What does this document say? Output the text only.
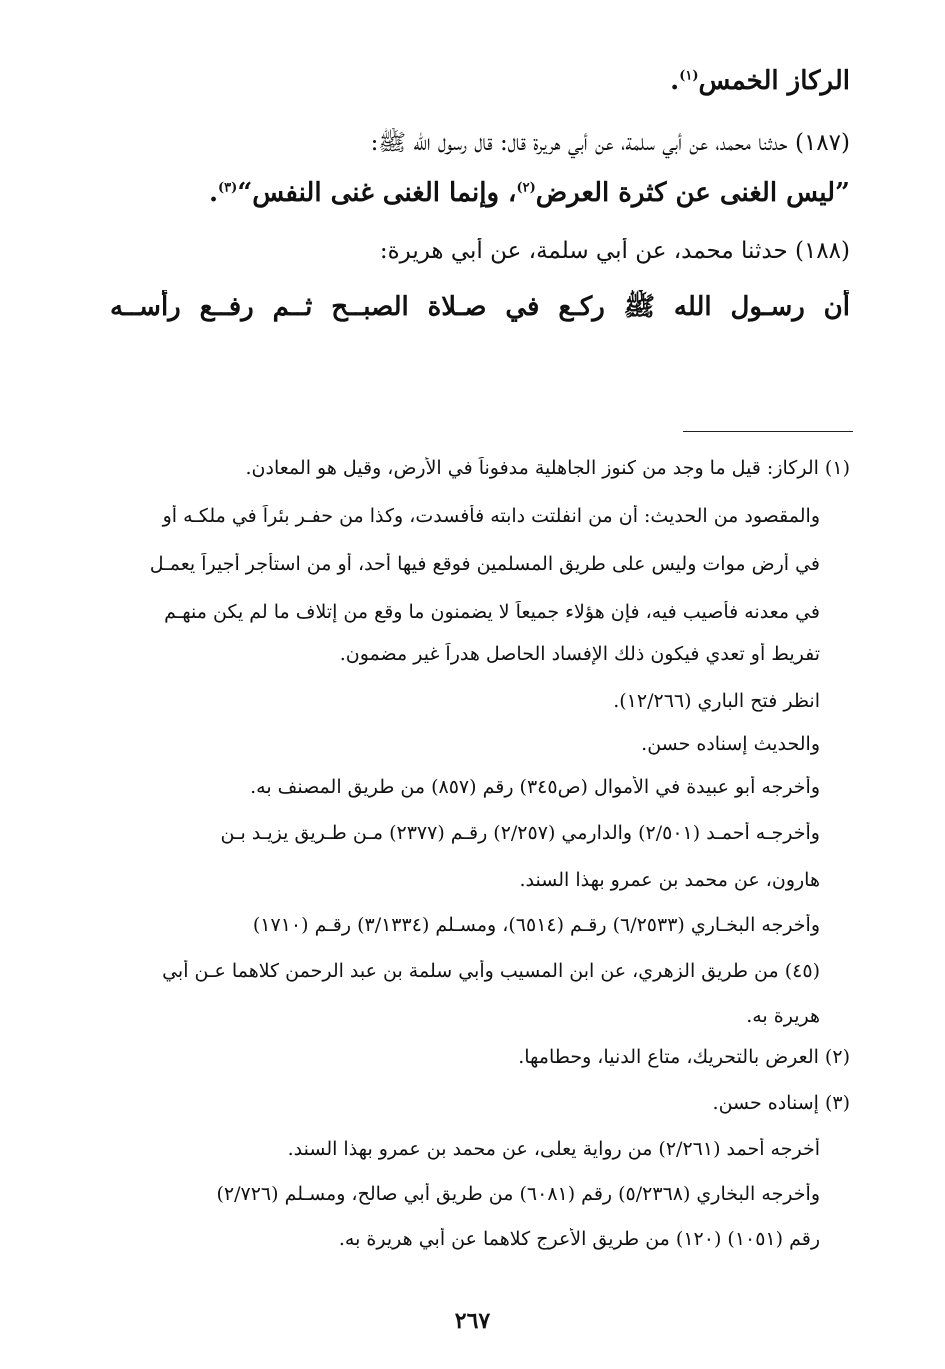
الركاز الخمس$^{(١)}$.
(١٨٧) حدثنا محمد، عن أبي سلمة، عن أبي هريرة قال: قال رسول الله ﷺ:
”ليس الغنى عن كثرة العرض$^{(٢)}$، وإنما الغنى غنى النفس“$^{(٣)}$.
(١٨٨) حدثنا محمد، عن أبي سلمة، عن أبي هريرة:
أن رسـول الله ﷺ ركـع في صـلاة الصبــح ثــم رفــع رأســه
(١) الركاز: قيل ما وجد من كنوز الجاهلية مدفوناً في الأرض، وقيل هو المعادن.
والمقصود من الحديث: أن من انفلتت دابته فأفسدت، وكذا من حفـر بئراً في ملكـه أو
في أرض موات وليس على طريق المسلمين فوقع فيها أحد، أو من استأجر أجيراً يعمـل
في معدنه فأصيب فيه، فإن هؤلاء جميعاً لا يضمنون ما وقع من إتلاف ما لم يكن منهـم
تفريط أو تعدي فيكون ذلك الإفساد الحاصل هدراً غير مضمون.
انظر فتح الباري (١٢/٢٦٦).
والحديث إسناده حسن.
وأخرجه أبو عبيدة في الأموال (ص٣٤٥) رقم (٨٥٧) من طريق المصنف به.
وأخرجـه أحمـد (٢/٥٠١) والدارمي (٢/٢٥٧) رقـم (٢٣٧٧) مـن طـريق يزيـد بـن
هارون، عن محمد بن عمرو بهذا السند.
وأخرجه البخـاري (٦/٢٥٣٣) رقـم (٦٥١٤)، ومسـلم (٣/١٣٣٤) رقـم (١٧١٠)
(٤٥) من طريق الزهري، عن ابن المسيب وأبي سلمة بن عبد الرحمن كلاهما عـن أبي
هريرة به.
(٢) العرض بالتحريك، متاع الدنيا، وحطامها.
(٣) إسناده حسن.
أخرجه أحمد (٢/٢٦١) من رواية يعلى، عن محمد بن عمرو بهذا السند.
وأخرجه البخاري (٥/٢٣٦٨) رقم (٦٠٨١) من طريق أبي صالح، ومسـلم (٢/٧٢٦)
رقم (١٠٥١) (١٢٠) من طريق الأعرج كلاهما عن أبي هريرة به.
٢٦٧
